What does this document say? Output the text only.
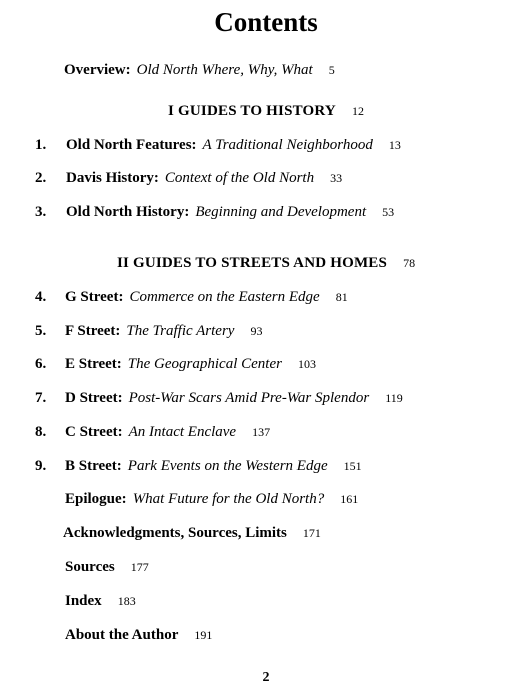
Contents
Overview: Old North Where, Why, What 5
I GUIDES TO HISTORY 12
1. Old North Features: A Traditional Neighborhood 13
2. Davis History: Context of the Old North 33
3. Old North History: Beginning and Development 53
II GUIDES TO STREETS AND HOMES 78
4. G Street: Commerce on the Eastern Edge 81
5. F Street: The Traffic Artery 93
6. E Street: The Geographical Center 103
7. D Street: Post-War Scars Amid Pre-War Splendor 119
8. C Street: An Intact Enclave 137
9. B Street: Park Events on the Western Edge 151
Epilogue: What Future for the Old North? 161
Acknowledgments, Sources, Limits 171
Sources 177
Index 183
About the Author 191
2
